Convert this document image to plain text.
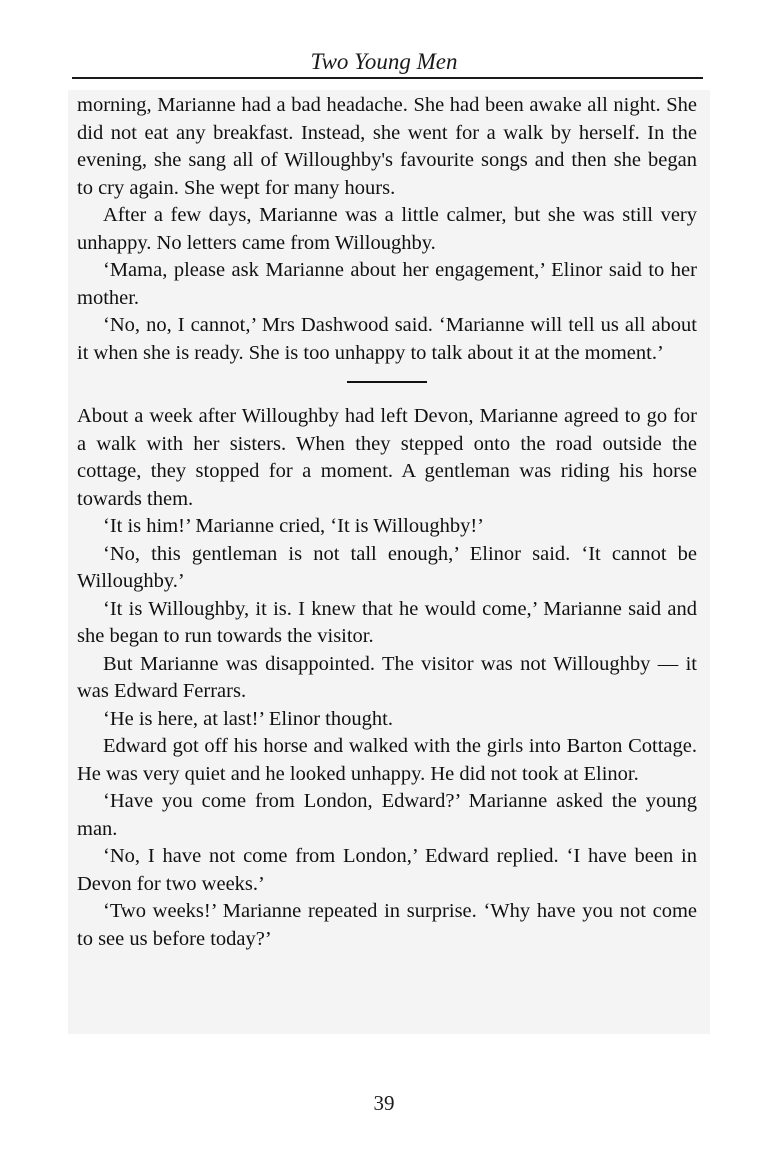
Two Young Men

morning, Marianne had a bad headache. She had been awake all night. She did not eat any breakfast. Instead, she went for a walk by herself. In the evening, she sang all of Willoughby's favourite songs and then she began to cry again. She wept for many hours.

After a few days, Marianne was a little calmer, but she was still very unhappy. No letters came from Willoughby.

‘Mama, please ask Marianne about her engagement,’ Elinor said to her mother.

‘No, no, I cannot,’ Mrs Dashwood said. ‘Marianne will tell us all about it when she is ready. She is too unhappy to talk about it at the moment.’

About a week after Willoughby had left Devon, Marianne agreed to go for a walk with her sisters. When they stepped onto the road outside the cottage, they stopped for a moment. A gentleman was riding his horse towards them.

‘It is him!’ Marianne cried, ‘It is Willoughby!’

‘No, this gentleman is not tall enough,’ Elinor said. ‘It cannot be Willoughby.’

‘It is Willoughby, it is. I knew that he would come,’ Marianne said and she began to run towards the visitor.

But Marianne was disappointed. The visitor was not Willoughby — it was Edward Ferrars.

‘He is here, at last!’ Elinor thought.

Edward got off his horse and walked with the girls into Barton Cottage. He was very quiet and he looked unhappy. He did not took at Elinor.

‘Have you come from London, Edward?’ Marianne asked the young man.

‘No, I have not come from London,’ Edward replied. ‘I have been in Devon for two weeks.’

‘Two weeks!’ Marianne repeated in surprise. ‘Why have you not come to see us before today?’

39
